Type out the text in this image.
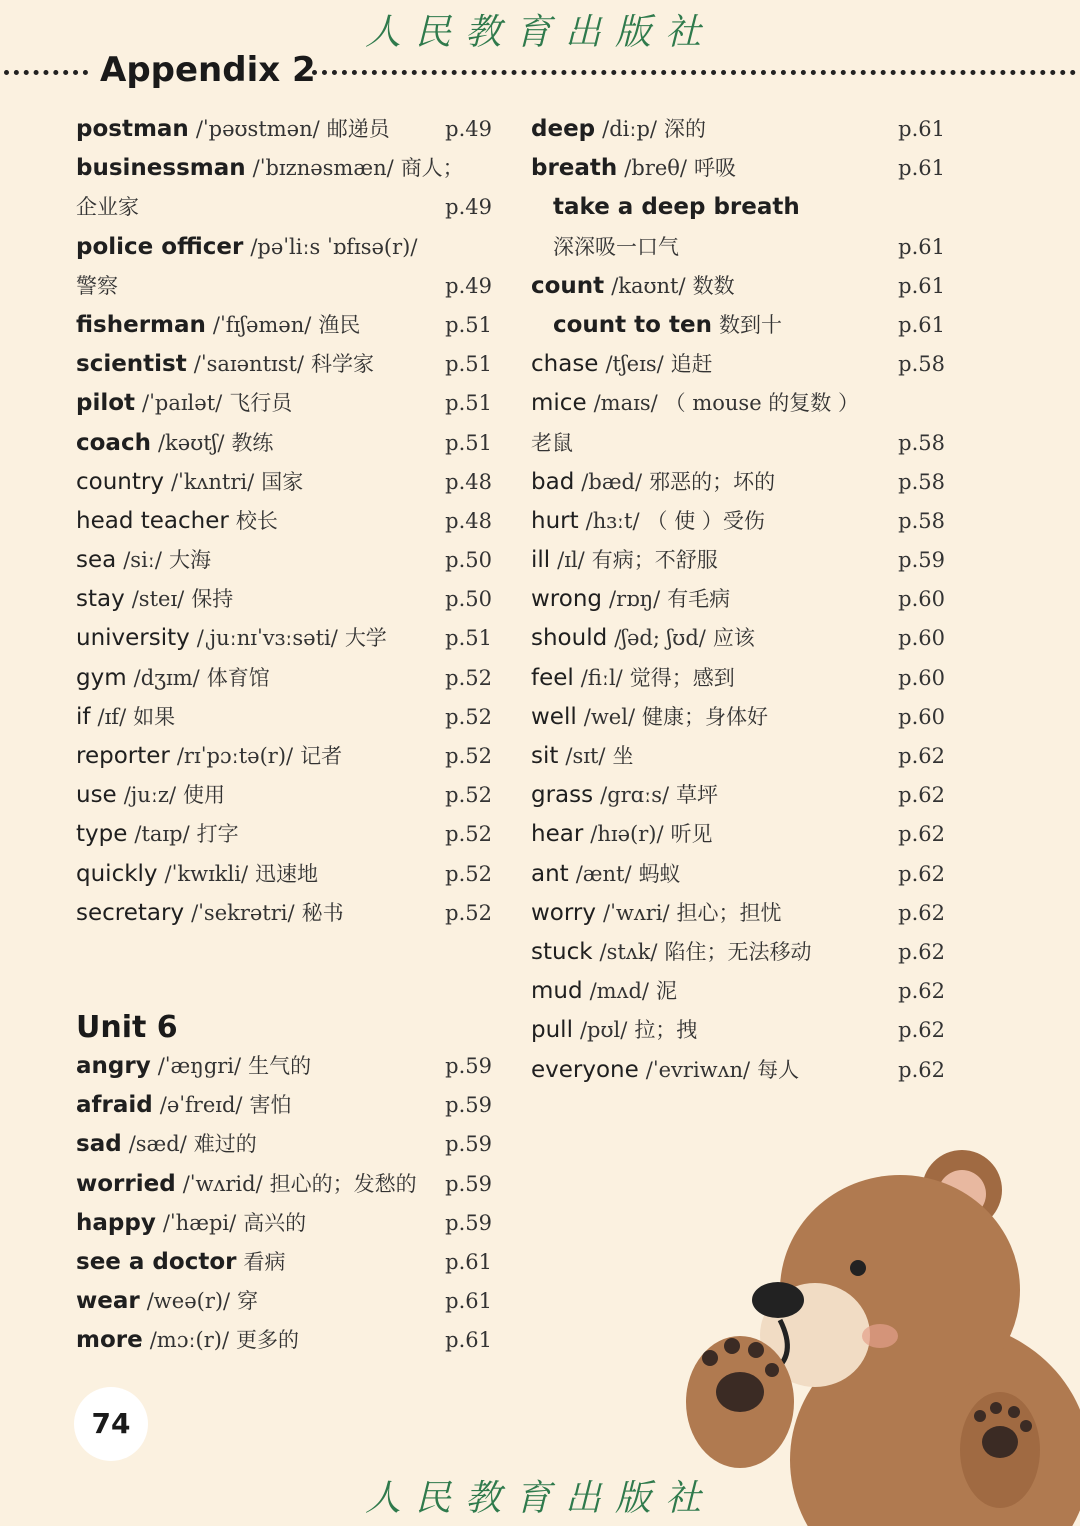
人民教育出版社
Appendix 2
postman /ˈpəʊstmən/ 邮递员	p.49
businessman /ˈbɪznəsmæn/ 商人；
企业家	p.49
police officer /pəˈliːs ˈɒfɪsə(r)/
警察	p.49
fisherman /ˈfɪʃəmən/ 渔民	p.51
scientist /ˈsaɪəntɪst/ 科学家	p.51
pilot /ˈpaɪlət/ 飞行员	p.51
coach /kəʊtʃ/ 教练	p.51
country /ˈkʌntri/ 国家	p.48
head teacher 校长	p.48
sea /siː/ 大海	p.50
stay /steɪ/ 保持	p.50
university /ˌjuːnɪˈvɜːsəti/ 大学	p.51
gym /dʒɪm/ 体育馆	p.52
if /ɪf/ 如果	p.52
reporter /rɪˈpɔːtə(r)/ 记者	p.52
use /juːz/ 使用	p.52
type /taɪp/ 打字	p.52
quickly /ˈkwɪkli/ 迅速地	p.52
secretary /ˈsekrətri/ 秘书	p.52
Unit 6
angry /ˈæŋgri/ 生气的	p.59
afraid /əˈfreɪd/ 害怕	p.59
sad /sæd/ 难过的	p.59
worried /ˈwʌrid/ 担心的；发愁的 p.59
happy /ˈhæpi/ 高兴的	p.59
see a doctor 看病	p.61
wear /weə(r)/ 穿	p.61
more /mɔː(r)/ 更多的	p.61
deep /diːp/ 深的	p.61
breath /breθ/ 呼吸	p.61
take a deep breath
深深吸一口气	p.61
count /kaʊnt/ 数数	p.61
count to ten 数到十	p.61
chase /tʃeɪs/ 追赶	p.58
mice /maɪs/ （ mouse 的复数 ）
老鼠	p.58
bad /bæd/ 邪恶的；坏的	p.58
hurt /hɜːt/ （ 使 ）受伤	p.58
ill /ɪl/ 有病；不舒服	p.59
wrong /rɒŋ/ 有毛病	p.60
should /ʃəd; ʃʊd/ 应该	p.60
feel /fiːl/ 觉得；感到	p.60
well /wel/ 健康；身体好	p.60
sit /sɪt/ 坐	p.62
grass /grɑːs/ 草坪	p.62
hear /hɪə(r)/ 听见	p.62
ant /ænt/ 蚂蚁	p.62
worry /ˈwʌri/ 担心；担忧	p.62
stuck /stʌk/ 陷住；无法移动	p.62
mud /mʌd/ 泥	p.62
pull /pʊl/ 拉；拽	p.62
everyone /ˈevriwʌn/ 每人	p.62
74
人民教育出版社
